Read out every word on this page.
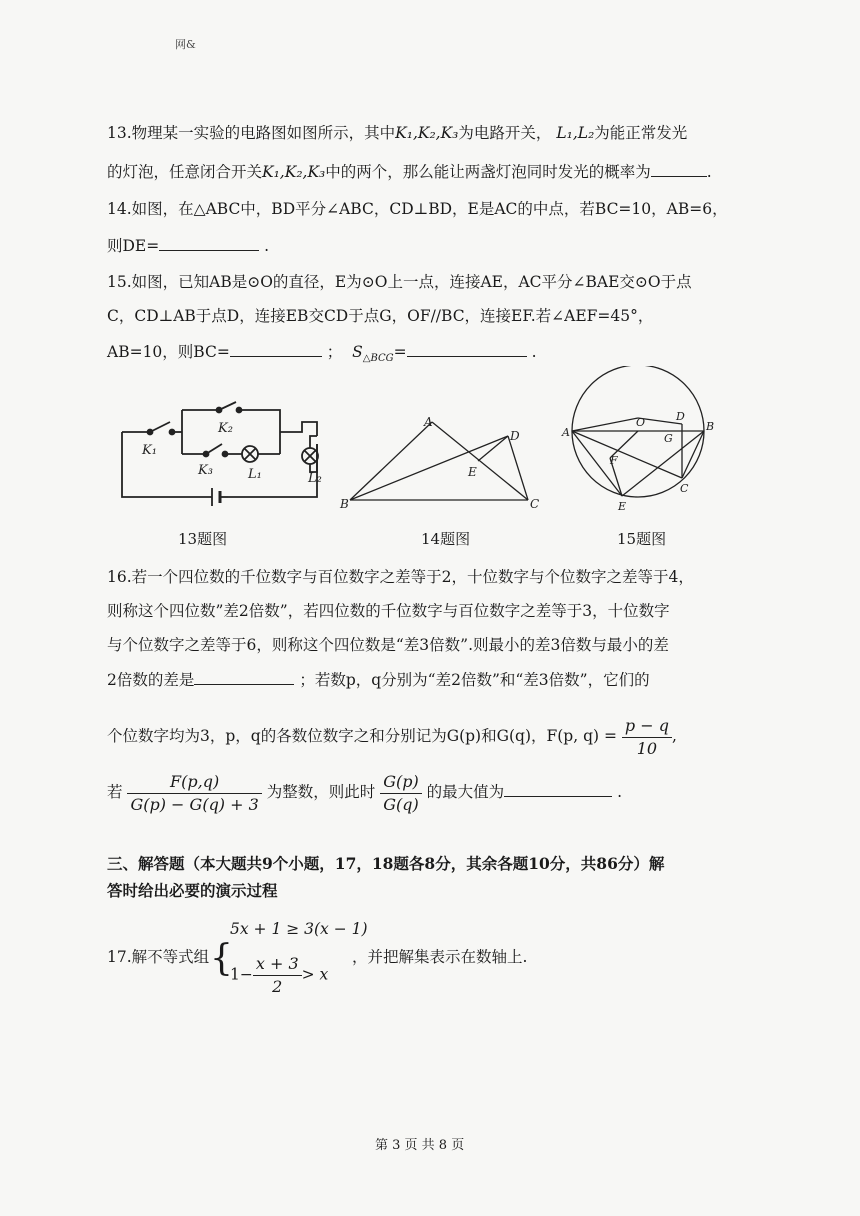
网&
13.物理某一实验的电路图如图所示，其中K₁,K₂,K₃为电路开关， L₁,L₂为能正常发光
的灯泡，任意闭合开关K₁,K₂,K₃中的两个，那么能让两盏灯泡同时发光的概率为	.
14.如图，在△ABC中，BD平分∠ABC，CD⊥BD，E是AC的中点，若BC=10，AB=6，
则DE=	.
15.如图，已知AB是⊙O的直径，E为⊙O上一点，连接AE，AC平分∠BAE交⊙O于点
C，CD⊥AB于点D，连接EB交CD于点G，OF//BC，连接EF.若∠AEF=45°，
AB=10，则BC=	； $S_{\triangle BCG}=$	.
K₁
K₂
K₃	L₁	L₂
13题图
A
B	C
D
E
14题图
A	B
C
D
E
F
G
O
15题图
16.若一个四位数的千位数字与百位数字之差等于2，十位数字与个位数字之差等于4，
则称这个四位数”差2倍数”，若四位数的千位数字与百位数字之差等于3，十位数字
与个位数字之差等于6，则称这个四位数是“差3倍数”.则最小的差3倍数与最小的差
2倍数的差是	；若数p，q分别为“差2倍数”和“差3倍数”，它们的
个位数字均为3，p，q的各数位数字之和分别记为G(p)和G(q)，F(p, $q) = \frac{p - q}{10}$ ,
若 $\frac{F(p,q)}{G(p) - G(q) + 3}$ 为整数，则此时 $\frac{G(p)}{G(q)}$ 的最大值为	.
三、解答题（本大题共9个小题，17，18题各8分，其余各题10分，共86分）解
答时给出必要的演示过程
17.解不等式组 {
5x + 1 ≥ 3(x − 1)
$1- \frac{x + 3}{2} > x$
，并把解集表示在数轴上.
第 3 页 共 8 页
